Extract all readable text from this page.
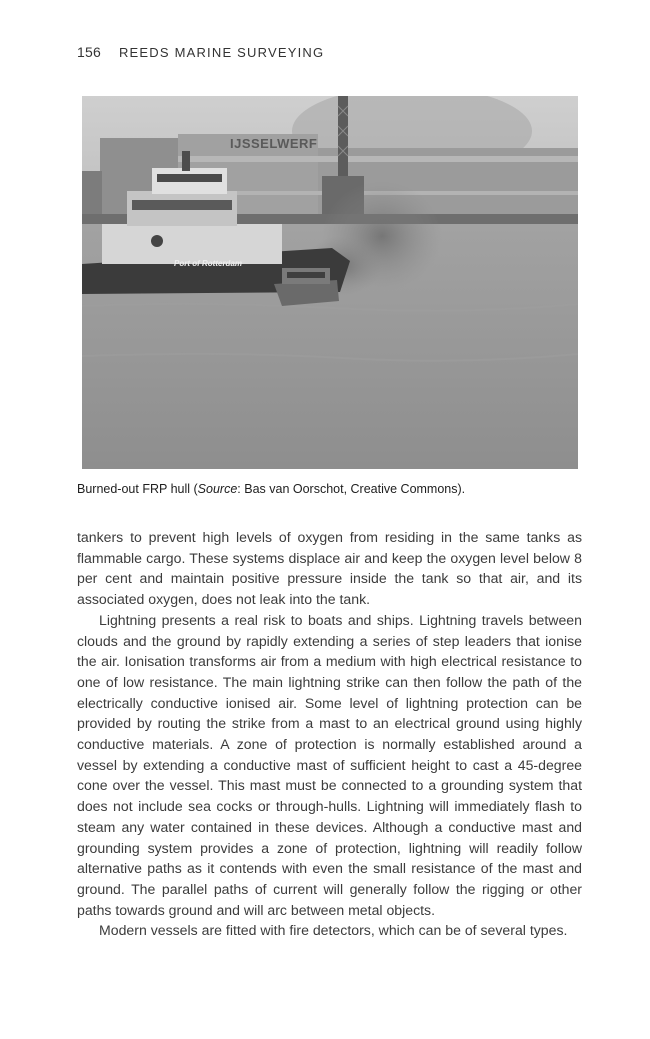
156 REEDS MARINE SURVEYING
IJSSELWERF
Port of Rotterdam
Burned-out FRP hull (Source: Bas van Oorschot, Creative Commons).

tankers to prevent high levels of oxygen from residing in the same tanks as flammable cargo. These systems displace air and keep the oxygen level below 8 per cent and maintain positive pressure inside the tank so that air, and its associated oxygen, does not leak into the tank.

Lightning presents a real risk to boats and ships. Lightning travels between clouds and the ground by rapidly extending a series of step leaders that ionise the air. Ionisation transforms air from a medium with high electrical resistance to one of low resistance. The main lightning strike can then follow the path of the electrically conductive ionised air. Some level of lightning protection can be provided by routing the strike from a mast to an electrical ground using highly conductive materials. A zone of protection is normally established around a vessel by extending a conductive mast of sufficient height to cast a 45-degree cone over the vessel. This mast must be connected to a grounding system that does not include sea cocks or through-hulls. Lightning will immediately flash to steam any water contained in these devices. Although a conductive mast and grounding system provides a zone of protection, lightning will readily follow alternative paths as it contends with even the small resistance of the mast and ground. The parallel paths of current will generally follow the rigging or other paths towards ground and will arc between metal objects.

Modern vessels are fitted with fire detectors, which can be of several types.
